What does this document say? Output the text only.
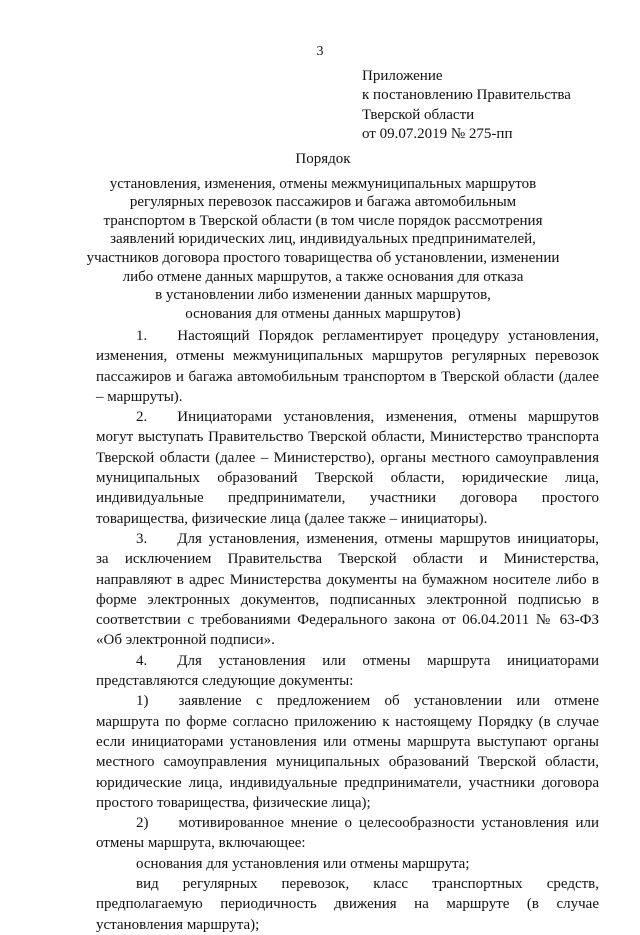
3
Приложение
к постановлению Правительства
Тверской области
от 09.07.2019 № 275-пп
Порядок
установления, изменения, отмены межмуниципальных маршрутов
регулярных перевозок пассажиров и багажа автомобильным
транспортом в Тверской области (в том числе порядок рассмотрения
заявлений юридических лиц, индивидуальных предпринимателей,
участников договора простого товарищества об установлении, изменении
либо отмене данных маршрутов, а также основания для отказа
в установлении либо изменении данных маршрутов,
основания для отмены данных маршрутов)

1.  Настоящий Порядок регламентирует процедуру установления, изменения, отмены межмуниципальных маршрутов регулярных перевозок пассажиров и багажа автомобильным транспортом в Тверской области (далее – маршруты).

2.  Инициаторами установления, изменения, отмены маршрутов могут выступать Правительство Тверской области, Министерство транспорта Тверской области (далее – Министерство), органы местного самоуправления муниципальных образований Тверской области, юридические лица, индивидуальные предприниматели, участники договора простого товарищества, физические лица (далее также – инициаторы).

3.  Для установления, изменения, отмены маршрутов инициаторы, за исключением Правительства Тверской области и Министерства, направляют в адрес Министерства документы на бумажном носителе либо в форме электронных документов, подписанных электронной подписью в соответствии с требованиями Федерального закона от 06.04.2011 № 63-ФЗ «Об электронной подписи».

4.  Для установления или отмены маршрута инициаторами представляются следующие документы:

1)  заявление с предложением об установлении или отмене маршрута по форме согласно приложению к настоящему Порядку (в случае если инициаторами установления или отмены маршрута выступают органы местного самоуправления муниципальных образований Тверской области, юридические лица, индивидуальные предприниматели, участники договора простого товарищества, физические лица);

2)  мотивированное мнение о целесообразности установления или отмены маршрута, включающее:

основания для установления или отмены маршрута;

вид регулярных перевозок, класс транспортных средств, предполагаемую периодичность движения на маршруте (в случае установления маршрута);
